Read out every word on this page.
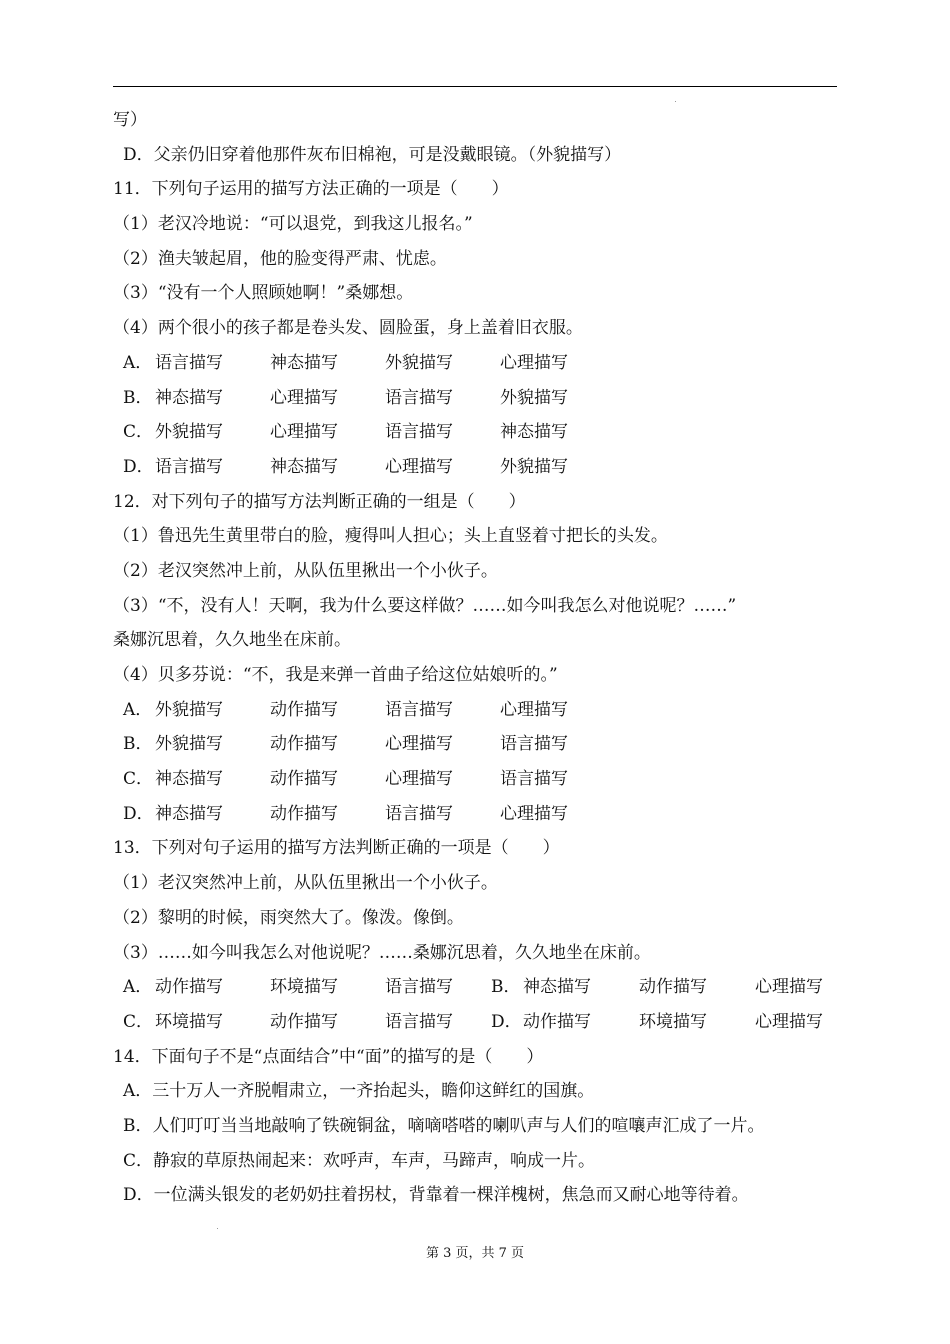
写）
D．父亲仍旧穿着他那件灰布旧棉袍，可是没戴眼镜。（外貌描写）
11．下列句子运用的描写方法正确的一项是（　　）
（1）老汉冷地说：“可以退党，到我这儿报名。”
（2）渔夫皱起眉，他的脸变得严肃、忧虑。
（3）“没有一个人照顾她啊！”桑娜想。
（4）两个很小的孩子都是卷头发、圆脸蛋，身上盖着旧衣服。
A． 语言描写	神态描写	外貌描写	心理描写
B． 神态描写	心理描写	语言描写	外貌描写
C． 外貌描写	心理描写	语言描写	神态描写
D．语言描写	神态描写	心理描写	外貌描写
12．对下列句子的描写方法判断正确的一组是（　　）
（1）鲁迅先生黄里带白的脸，瘦得叫人担心；头上直竖着寸把长的头发。
（2）老汉突然冲上前，从队伍里揪出一个小伙子。
（3）“不，没有人！天啊，我为什么要这样做？……如今叫我怎么对他说呢？……”
桑娜沉思着，久久地坐在床前。
（4）贝多芬说：“不，我是来弹一首曲子给这位姑娘听的。”
A． 外貌描写	动作描写	语言描写	心理描写
B． 外貌描写	动作描写	心理描写	语言描写
C． 神态描写	动作描写	心理描写	语言描写
D．神态描写	动作描写	语言描写	心理描写
13．下列对句子运用的描写方法判断正确的一项是（　　）
（1）老汉突然冲上前，从队伍里揪出一个小伙子。
（2）黎明的时候，雨突然大了。像泼。像倒。
（3）……如今叫我怎么对他说呢？……桑娜沉思着，久久地坐在床前。
A． 动作描写	环境描写	语言描写 B． 神态描写	动作描写	心理描写
C． 环境描写	动作描写	语言描写 D．动作描写	环境描写	心理描写
14．下面句子不是“点面结合”中“面”的描写的是（　　）
A．三十万人一齐脱帽肃立，一齐抬起头，瞻仰这鲜红的国旗。
B．人们叮叮当当地敲响了铁碗铜盆，嘀嘀嗒嗒的喇叭声与人们的喧嚷声汇成了一片。
C．静寂的草原热闹起来：欢呼声，车声，马蹄声，响成一片。
D．一位满头银发的老奶奶拄着拐杖，背靠着一棵洋槐树，焦急而又耐心地等待着。
第 3 页，共 7 页
